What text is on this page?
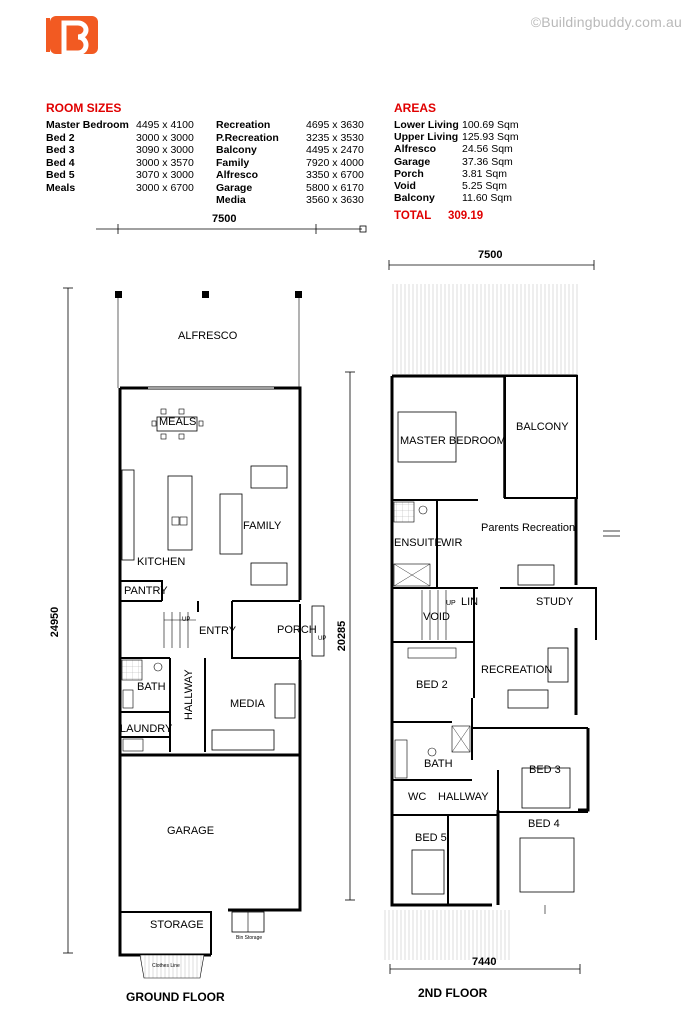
©Buildingbuddy.com.au
ROOM SIZES
Master Bedroom 4495 x 4100
Bed 2	3000 x 3000
Bed 3	3090 x 3000
Bed 4	3000 x 3570
Bed 5	3070 x 3000
Meals	3000 x 6700
Recreation	4695 x 3630
P.Recreation	3235 x 3530
Balcony	4495 x 2470
Family	7920 x 4000
Alfresco	3350 x 6700
Garage	5800 x 6170
Media	3560 x 3630
AREAS
Lower Living 100.69 Sqm
Upper Living 125.93 Sqm
Alfresco 24.56 Sqm
Garage	37.36 Sqm
Porch	3.81 Sqm
Void	5.25 Sqm
Balcony	11.60 Sqm
TOTAL 309.19
7500
24950	20285
ALFRESCO
MEALS
FAMILY
KITCHEN
PANTRY
ENTRY	PORCH
BATH HALLWAY	MEDIA
LAUNDRY
GARAGE
STORAGE
UP
UP
Bin Storage
Clothes Line
GROUND FLOOR
7500
7440
MASTER BEDROOM
BALCONY
Parents Recreation
ENSUITE WIR
VOID
UP LIN	STUDY
BED 2
RECREATION
BED 3
BATH
WC HALLWAY
BED 4
BED 5
2ND FLOOR
